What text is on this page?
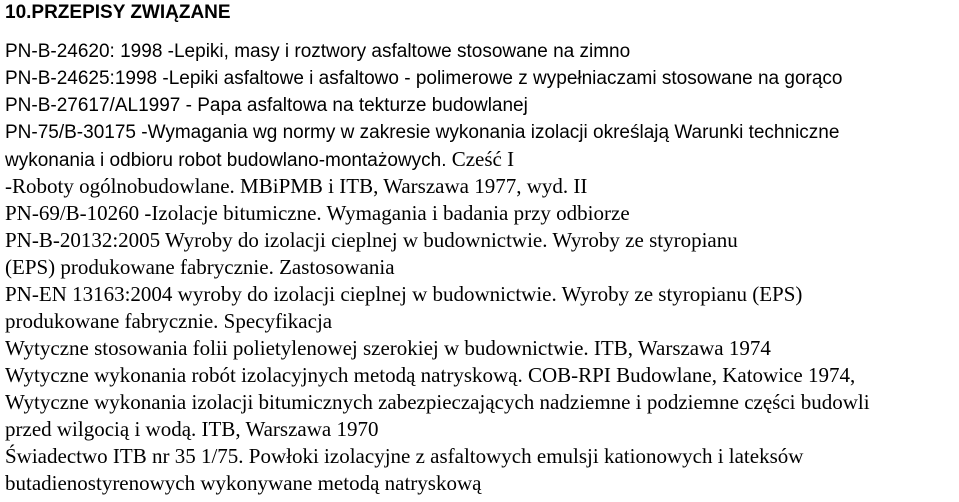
10.PRZEPISY ZWIĄZANE
PN-B-24620: 1998 -Lepiki, masy i roztwory asfaltowe stosowane na zimno
PN-B-24625:1998 -Lepiki asfaltowe i asfaltowo - polimerowe z wypełniaczami stosowane na gorąco
PN-B-27617/AL1997 - Papa asfaltowa na tekturze budowlanej
PN-75/B-30175 -Wymagania wg normy w zakresie wykonania izolacji określają Warunki techniczne
wykonania i odbioru robot budowlano-montażowych. Cześć I
-Roboty ogólnobudowlane. MBiPMB i ITB, Warszawa 1977, wyd. II
PN-69/B-10260 -Izolacje bitumiczne. Wymagania i badania przy odbiorze
PN-B-20132:2005 Wyroby do izolacji cieplnej w budownictwie. Wyroby ze styropianu
(EPS) produkowane fabrycznie. Zastosowania
PN-EN 13163:2004 wyroby do izolacji cieplnej w budownictwie. Wyroby ze styropianu (EPS)
produkowane fabrycznie. Specyfikacja
Wytyczne stosowania folii polietylenowej szerokiej w budownictwie. ITB, Warszawa 1974
Wytyczne wykonania robót izolacyjnych metodą natryskową. COB-RPI Budowlane, Katowice 1974,
Wytyczne wykonania izolacji bitumicznych zabezpieczających nadziemne i podziemne części budowli
przed wilgocią i wodą. ITB, Warszawa 1970
Świadectwo ITB nr 35 1/75. Powłoki izolacyjne z asfaltowych emulsji kationowych i lateksów
butadienostyrenowych wykonywane metodą natryskową
